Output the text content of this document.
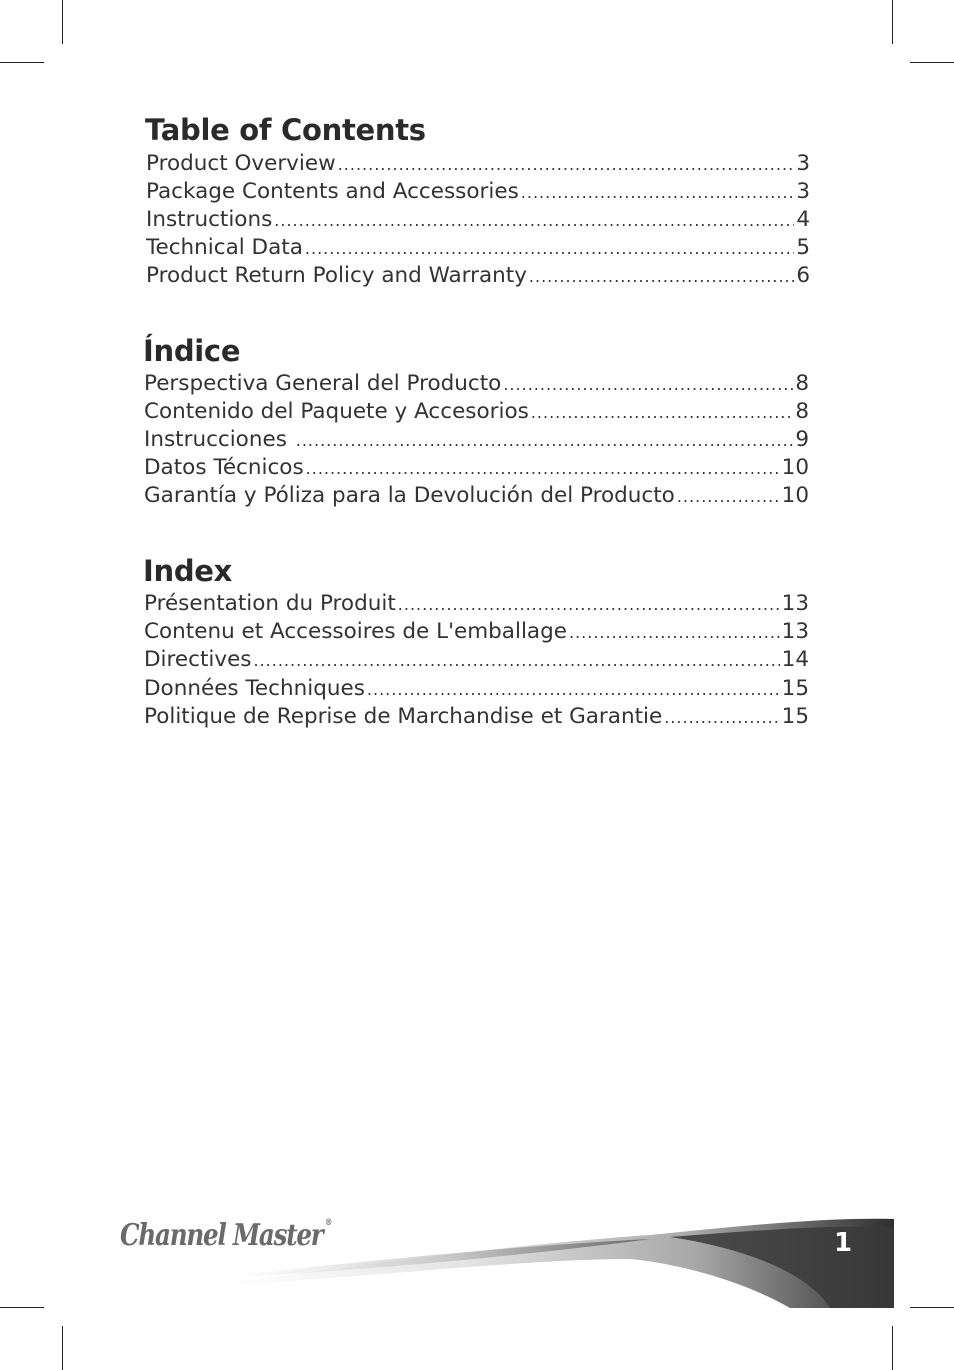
Table of Contents
Product Overview .....	3
Package Contents and Accessories .....	3
Instructions .....	4
Technical Data .....	5
Product Return Policy and Warranty .....	6
Índice
Perspectiva General del Producto .....	8
Contenido del Paquete y Accesorios .....	8
Instrucciones .....	9
Datos Técnicos .....	10
Garantía y Póliza para la Devolución del Producto .....	10
Index
Présentation du Produit .....	13
Contenu et Accessoires de L'emballage .....	13
Directives .....	14
Données Techniques .....	15
Politique de Reprise de Marchandise et Garantie .....	15
Channel Master ®
1
